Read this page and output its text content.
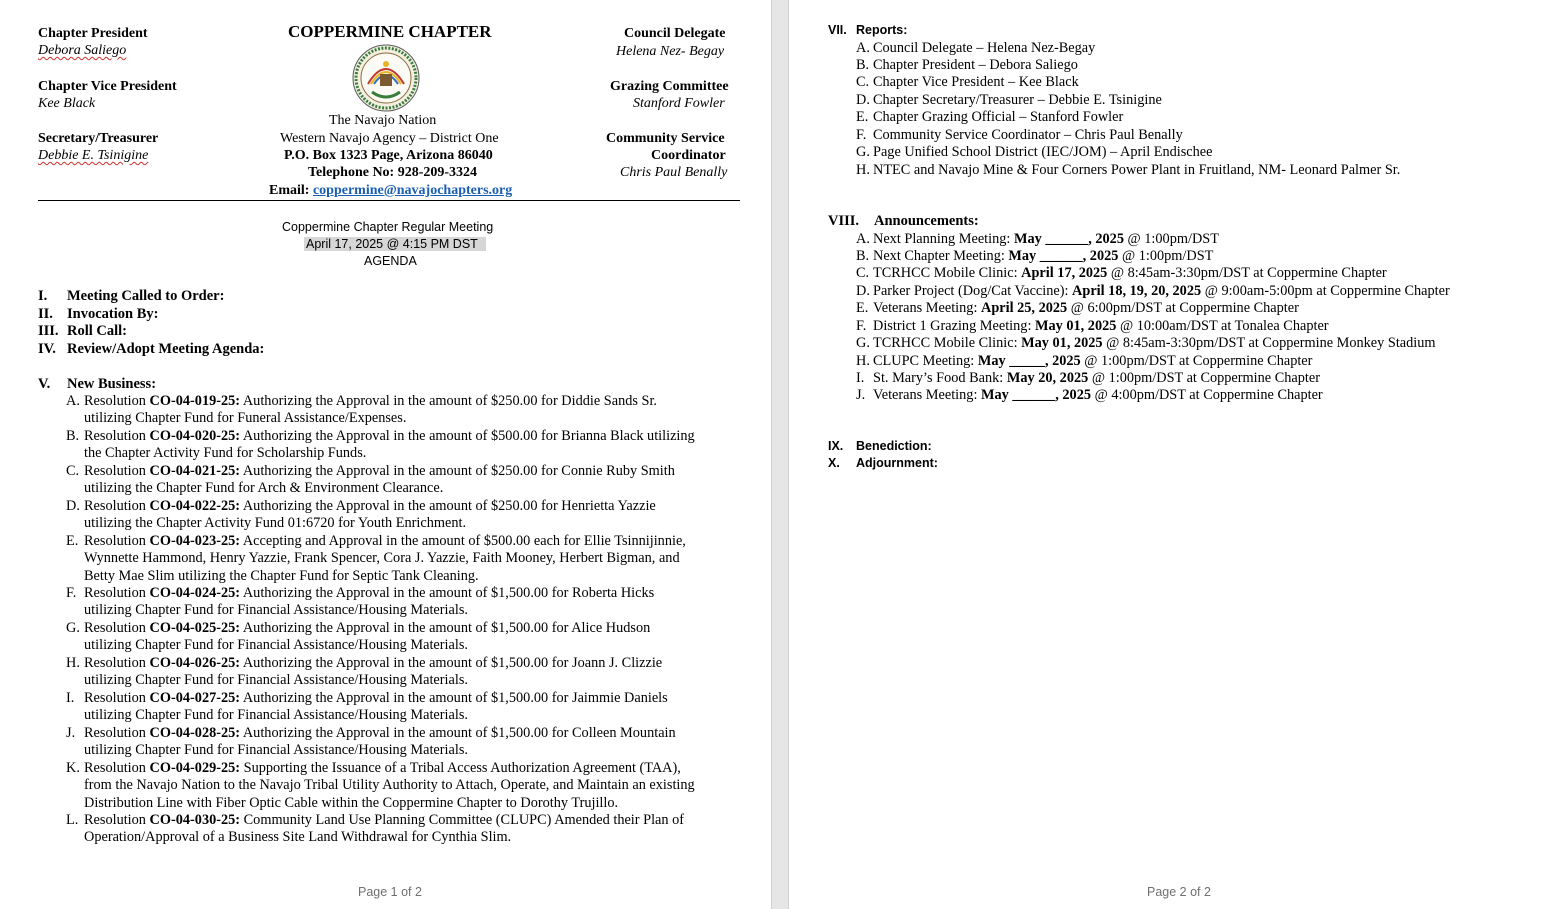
Chapter President
Debora Saliego
Chapter Vice President
Kee Black
Secretary/Treasurer
Debbie E. Tsinigine
COPPERMINE CHAPTER
The Navajo Nation
Western Navajo Agency – District One
P.O. Box 1323 Page, Arizona 86040
Telephone No: 928-209-3324
Email: coppermine@navajochapters.org
Council Delegate
Helena Nez- Begay
Grazing Committee
Stanford Fowler
Community Service
Coordinator
Chris Paul Benally
Coppermine Chapter Regular Meeting
April 17, 2025 @ 4:15 PM DST
AGENDA
I. Meeting Called to Order:
II. Invocation By:
III. Roll Call:
IV. Review/Adopt Meeting Agenda:
V. New Business:
A. Resolution CO-04-019-25: Authorizing the Approval in the amount of $250.00 for Diddie Sands Sr.
utilizing Chapter Fund for Funeral Assistance/Expenses.
B. Resolution CO-04-020-25: Authorizing the Approval in the amount of $500.00 for Brianna Black utilizing
the Chapter Activity Fund for Scholarship Funds.
C. Resolution CO-04-021-25: Authorizing the Approval in the amount of $250.00 for Connie Ruby Smith
utilizing the Chapter Fund for Arch & Environment Clearance.
D. Resolution CO-04-022-25: Authorizing the Approval in the amount of $250.00 for Henrietta Yazzie
utilizing the Chapter Activity Fund 01:6720 for Youth Enrichment.
E. Resolution CO-04-023-25: Accepting and Approval in the amount of $500.00 each for Ellie Tsinnijinnie,
Wynnette Hammond, Henry Yazzie, Frank Spencer, Cora J. Yazzie, Faith Mooney, Herbert Bigman, and
Betty Mae Slim utilizing the Chapter Fund for Septic Tank Cleaning.
F. Resolution CO-04-024-25: Authorizing the Approval in the amount of $1,500.00 for Roberta Hicks
utilizing Chapter Fund for Financial Assistance/Housing Materials.
G. Resolution CO-04-025-25: Authorizing the Approval in the amount of $1,500.00 for Alice Hudson
utilizing Chapter Fund for Financial Assistance/Housing Materials.
H. Resolution CO-04-026-25: Authorizing the Approval in the amount of $1,500.00 for Joann J. Clizzie
utilizing Chapter Fund for Financial Assistance/Housing Materials.
I. Resolution CO-04-027-25: Authorizing the Approval in the amount of $1,500.00 for Jaimmie Daniels
utilizing Chapter Fund for Financial Assistance/Housing Materials.
J. Resolution CO-04-028-25: Authorizing the Approval in the amount of $1,500.00 for Colleen Mountain
utilizing Chapter Fund for Financial Assistance/Housing Materials.
K. Resolution CO-04-029-25: Supporting the Issuance of a Tribal Access Authorization Agreement (TAA),
from the Navajo Nation to the Navajo Tribal Utility Authority to Attach, Operate, and Maintain an existing
Distribution Line with Fiber Optic Cable within the Coppermine Chapter to Dorothy Trujillo.
L. Resolution CO-04-030-25: Community Land Use Planning Committee (CLUPC) Amended their Plan of
Operation/Approval of a Business Site Land Withdrawal for Cynthia Slim.
Page 1 of 2
VII. Reports:
A. Council Delegate – Helena Nez-Begay
B. Chapter President – Debora Saliego
C. Chapter Vice President – Kee Black
D. Chapter Secretary/Treasurer – Debbie E. Tsinigine
E. Chapter Grazing Official – Stanford Fowler
F. Community Service Coordinator – Chris Paul Benally
G. Page Unified School District (IEC/JOM) – April Endischee
H. NTEC and Navajo Mine & Four Corners Power Plant in Fruitland, NM- Leonard Palmer Sr.
VIII. Announcements:
A. Next Planning Meeting: May ______, 2025 @ 1:00pm/DST
B. Next Chapter Meeting: May ______, 2025 @ 1:00pm/DST
C. TCRHCC Mobile Clinic: April 17, 2025 @ 8:45am-3:30pm/DST at Coppermine Chapter
D. Parker Project (Dog/Cat Vaccine): April 18, 19, 20, 2025 @ 9:00am-5:00pm at Coppermine Chapter
E. Veterans Meeting: April 25, 2025 @ 6:00pm/DST at Coppermine Chapter
F. District 1 Grazing Meeting: May 01, 2025 @ 10:00am/DST at Tonalea Chapter
G. TCRHCC Mobile Clinic: May 01, 2025 @ 8:45am-3:30pm/DST at Coppermine Monkey Stadium
H. CLUPC Meeting: May _____, 2025 @ 1:00pm/DST at Coppermine Chapter
I. St. Mary’s Food Bank: May 20, 2025 @ 1:00pm/DST at Coppermine Chapter
J. Veterans Meeting: May ______, 2025 @ 4:00pm/DST at Coppermine Chapter
IX. Benediction:
X. Adjournment:
Page 2 of 2
